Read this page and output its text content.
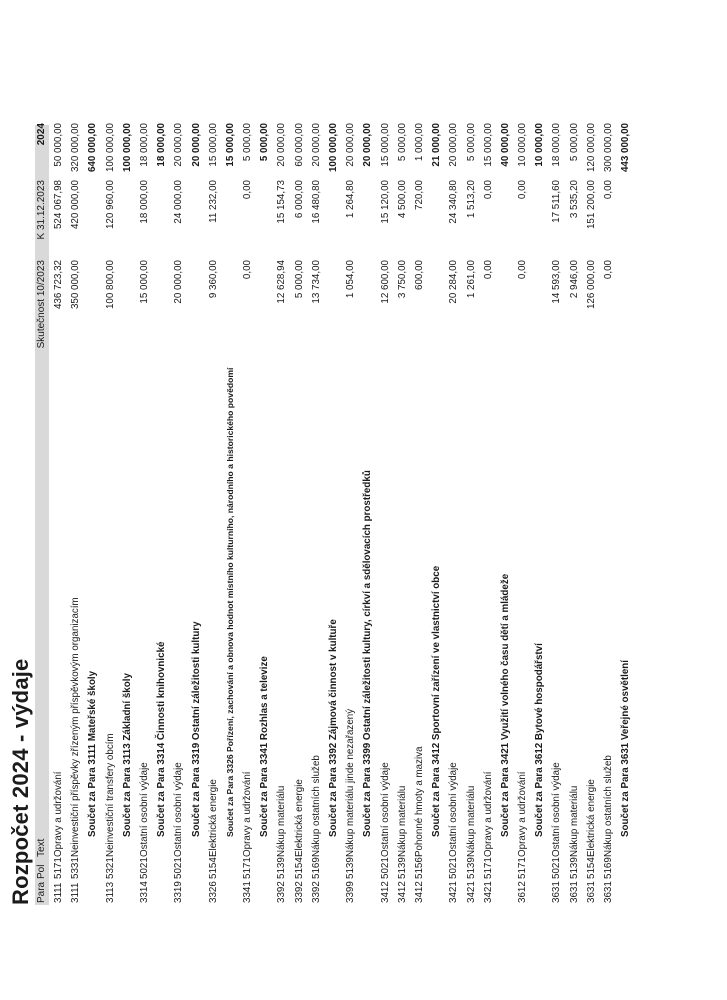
Rozpočet 2024 - výdaje Para
Pol
Text
Skutečnost 10/2023
K 31.12.2023
2024
3111
5171
Opravy a udržování
436 723,32
524 067,98
50 000,00
3111
5331
Neinvestiční příspěvky zřízeným příspěvkovým organizacím
350 000,00
420 000,00
320 000,00
Součet za Para 3111 Mateřské školy
640 000,00
3113
5321
Neinvestiční transfery obcím
100 800,00
120 960,00
100 000,00
Součet za Para 3113 Základní školy
100 000,00
3314
5021
Ostatní osobní výdaje
15 000,00
18 000,00
18 000,00
Součet za Para 3314 Činnosti knihovnické
18 000,00
3319
5021
Ostatní osobní výdaje
20 000,00
24 000,00
20 000,00
Součet za Para 3319 Ostatní záležitosti kultury
20 000,00
3326
5154
Elektrická energie
9 360,00
11 232,00
15 000,00
Součet za Para 3326 Pořízení, zachování a obnova hodnot místního kulturního, národního a historického povědomí
15 000,00
3341
5171
Opravy a udržování
0,00
0,00
5 000,00
Součet za Para 3341 Rozhlas a televize
5 000,00
3392
5139
Nákup materiálu
12 628,94
15 154,73
20 000,00
3392
5154
Elektrická energie
5 000,00
6 000,00
60 000,00
3392
5169
Nákup ostatních služeb
13 734,00
16 480,80
20 000,00
Součet za Para 3392 Zájmová činnost v kultuře
100 000,00
3399
5139
Nákup materiálu jinde nezařazený
1 054,00
1 264,80
20 000,00
Součet za Para 3399 Ostatní záležitosti kultury, církví a sdělovacích prostředků
20 000,00
3412
5021
Ostatní osobní výdaje
12 600,00
15 120,00
15 000,00
3412
5139
Nákup materiálu
3 750,00
4 500,00
5 000,00
3412
5156
Pohonné hmoty a maziva
600,00
720,00
1 000,00
Součet za Para 3412 Sportovní zařízení ve vlastnictví obce
21 000,00
3421
5021
Ostatní osobní výdaje
20 284,00
24 340,80
20 000,00
3421
5139
Nákup materiálu
1 261,00
1 513,20
5 000,00
3421
5171
Opravy a udržování
0,00
0,00
15 000,00
Součet za Para 3421 Využití volného času dětí a mládeže
40 000,00
3612
5171
Opravy a udržování
0,00
0,00
10 000,00
Součet za Para 3612 Bytové hospodářství
10 000,00
3631
5021
Ostatní osobní výdaje
14 593,00
17 511,60
18 000,00
3631
5139
Nákup materiálu
2 946,00
3 535,20
5 000,00
3631
5154
Elektrická energie
126 000,00
151 200,00
120 000,00
3631
5169
Nákup ostatních služeb
0,00
0,00
300 000,00
Součet za Para 3631 Veřejné osvětlení
443 000,00
